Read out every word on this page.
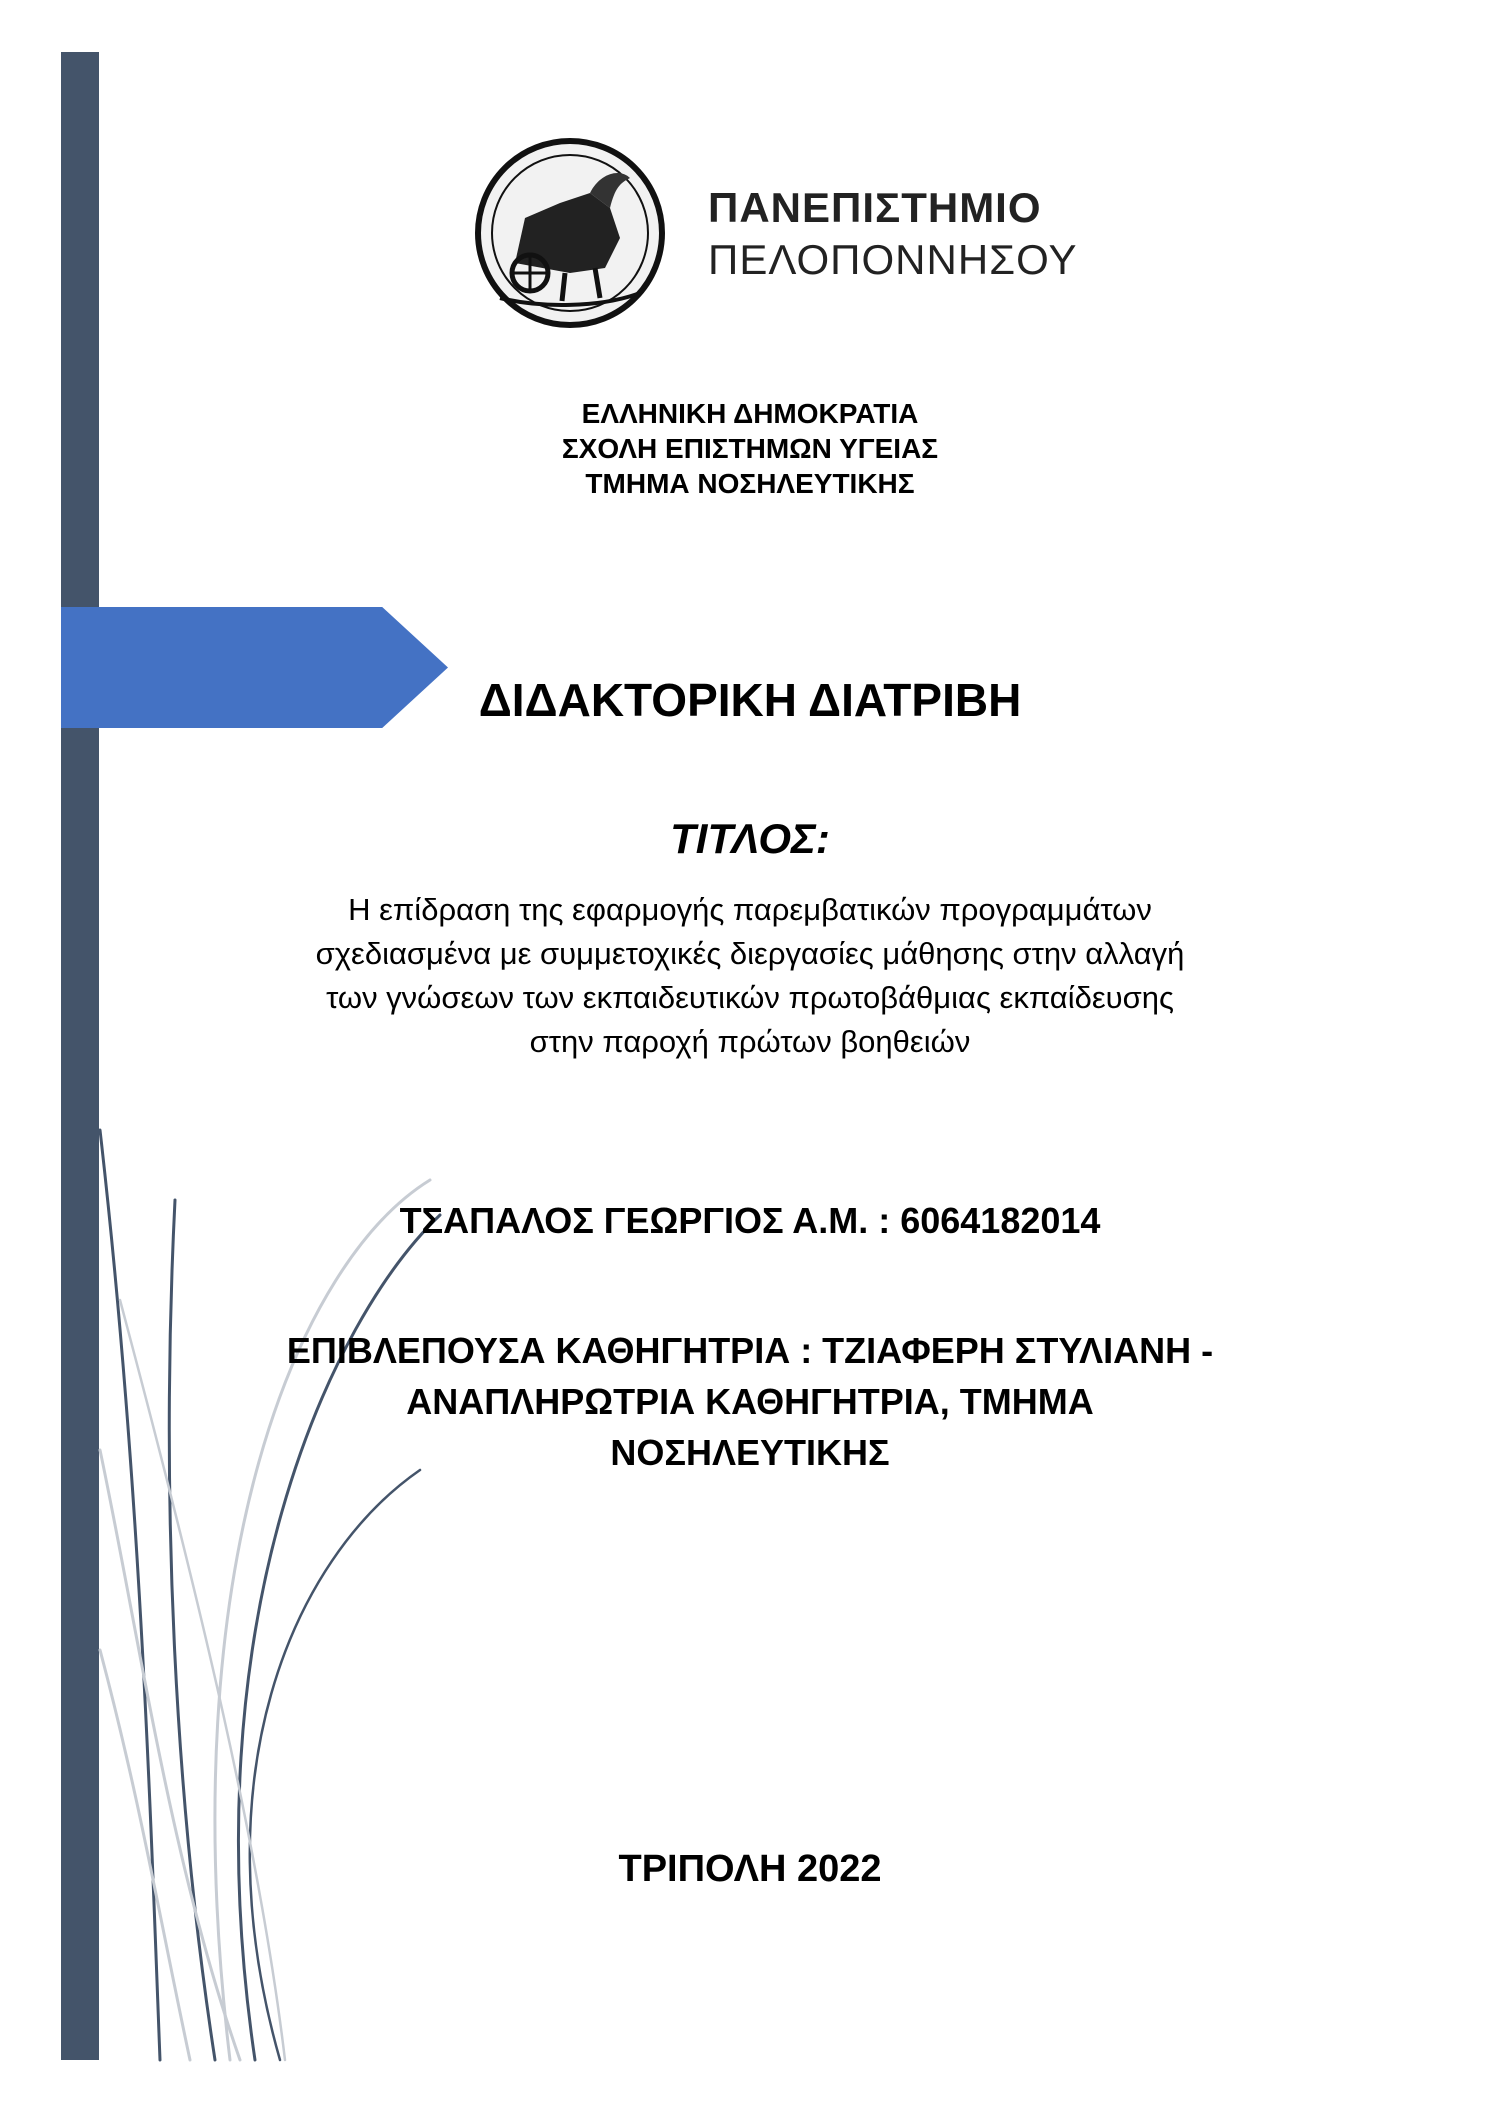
ΠΑΝΕΠΙΣΤΗΜΙΟ
ΠΕΛΟΠΟΝΝΗΣΟΥ
ΕΛΛΗΝΙΚΗ ΔΗΜΟΚΡΑΤΙΑ
ΣΧΟΛΗ ΕΠΙΣΤΗΜΩΝ ΥΓΕΙΑΣ
ΤΜΗΜΑ ΝΟΣΗΛΕΥΤΙΚΗΣ
ΔΙΔΑΚΤΟΡΙΚΗ ΔΙΑΤΡΙΒΗ
ΤΙΤΛΟΣ:
Η επίδραση της εφαρμογής παρεμβατικών προγραμμάτων
σχεδιασμένα με συμμετοχικές διεργασίες μάθησης στην αλλαγή
των γνώσεων των εκπαιδευτικών πρωτοβάθμιας εκπαίδευσης
στην παροχή πρώτων βοηθειών
ΤΣΑΠΑΛΟΣ ΓΕΩΡΓΙΟΣ Α.Μ. : 6064182014
ΕΠΙΒΛΕΠΟΥΣΑ ΚΑΘΗΓΗΤΡΙΑ : ΤΖΙΑΦΕΡΗ ΣΤΥΛΙΑΝΗ -
ΑΝΑΠΛΗΡΩΤΡΙΑ ΚΑΘΗΓΗΤΡΙΑ, ΤΜΗΜΑ
ΝΟΣΗΛΕΥΤΙΚΗΣ
ΤΡΙΠΟΛΗ 2022
